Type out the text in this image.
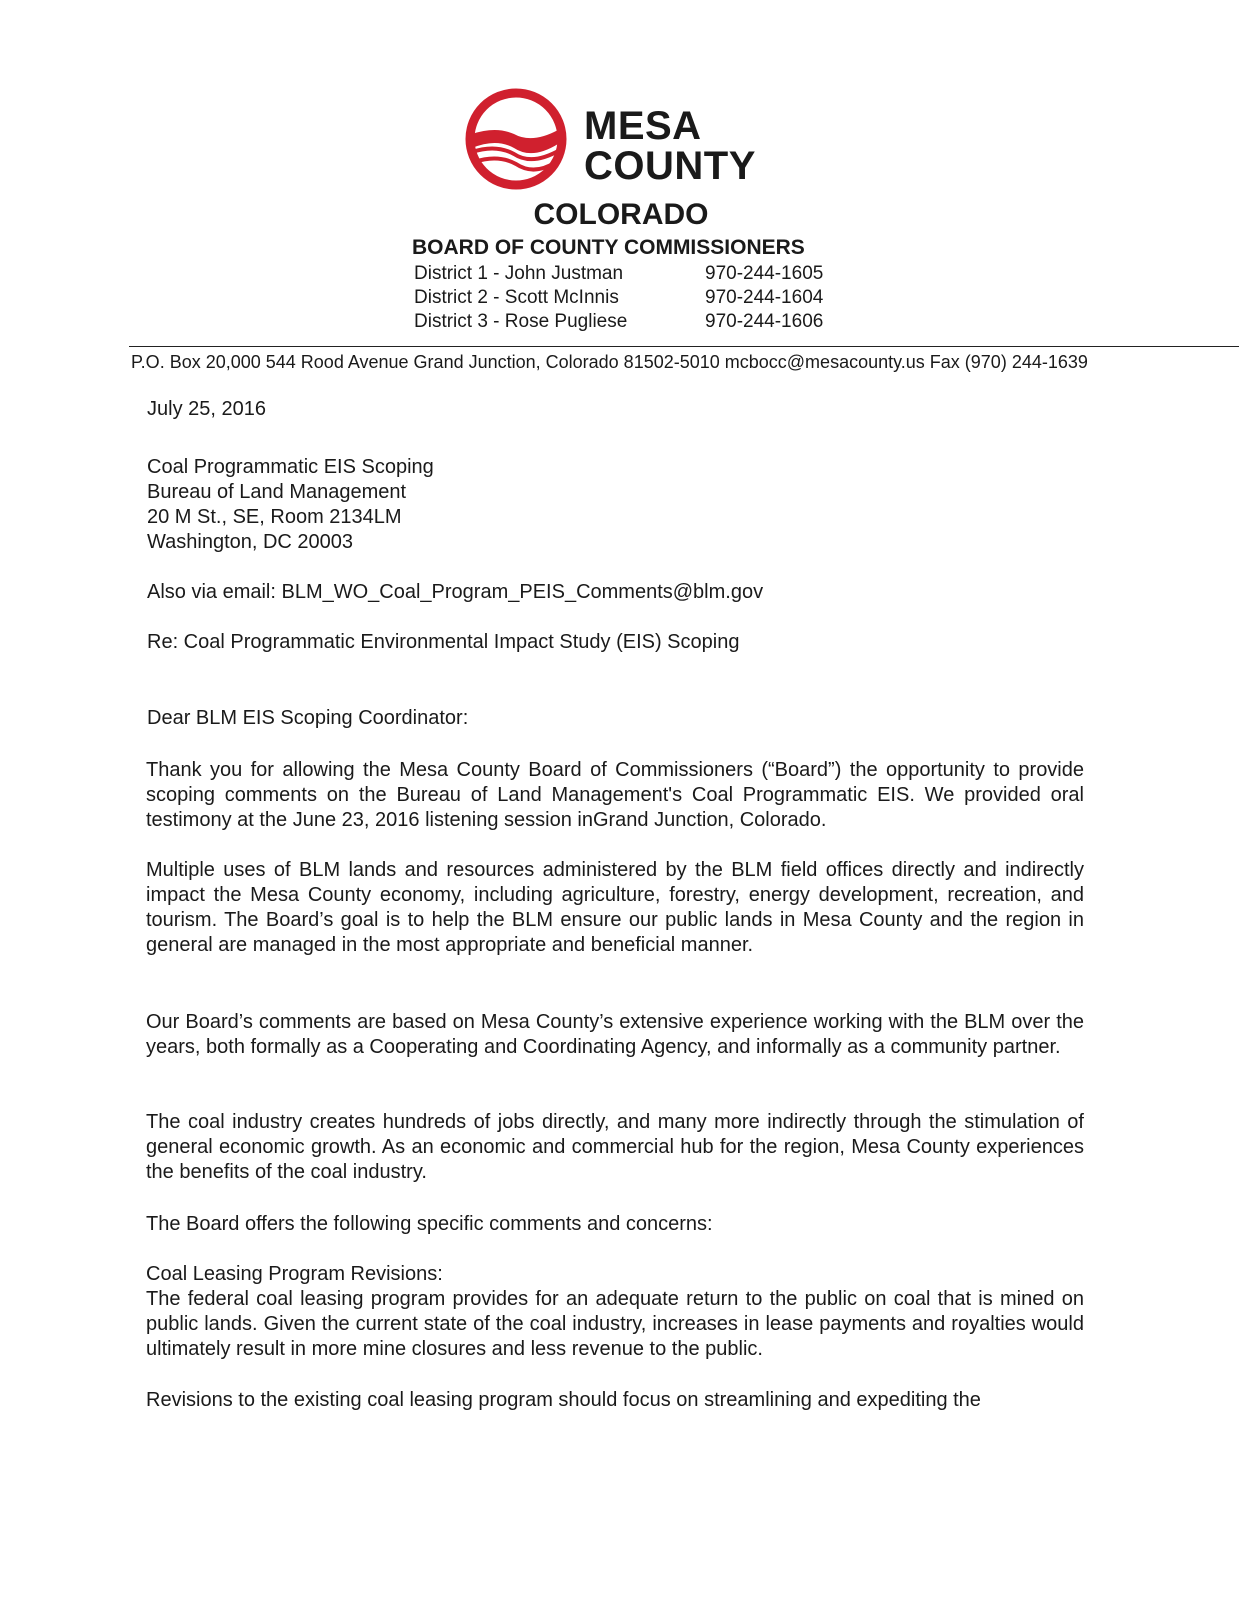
MESA
COUNTY
COLORADO
BOARD OF COUNTY COMMISSIONERS
District 1 - John Justman	970-244-1605
District 2 - Scott McInnis	970-244-1604
District 3 - Rose Pugliese	970-244-1606
P.O. Box 20,000 544 Rood Avenue Grand Junction, Colorado 81502-5010 mcbocc@mesacounty.us Fax (970) 244-1639
July 25, 2016
Coal Programmatic EIS Scoping
Bureau of Land Management
20 M St., SE, Room 2134LM
Washington, DC 20003
Also via email: BLM_WO_Coal_Program_PEIS_Comments@blm.gov
Re: Coal Programmatic Environmental Impact Study (EIS) Scoping
Dear BLM EIS Scoping Coordinator:
Thank you for allowing the Mesa County Board of Commissioners (“Board”) the opportunity to provide scoping comments on the Bureau of Land Management's Coal Programmatic EIS. We provided oral testimony at the June 23, 2016 listening session inGrand Junction, Colorado.
Multiple uses of BLM lands and resources administered by the BLM field offices directly and indirectly impact the Mesa County economy, including agriculture, forestry, energy development, recreation, and tourism. The Board’s goal is to help the BLM ensure our public lands in Mesa County and the region in general are managed in the most appropriate and beneficial manner.
Our Board’s comments are based on Mesa County’s extensive experience working with the BLM over the years, both formally as a Cooperating and Coordinating Agency, and informally as a community partner.
The coal industry creates hundreds of jobs directly, and many more indirectly through the stimulation of general economic growth. As an economic and commercial hub for the region, Mesa County experiences the benefits of the coal industry.
The Board offers the following specific comments and concerns:
Coal Leasing Program Revisions:
The federal coal leasing program provides for an adequate return to the public on coal that is mined on public lands. Given the current state of the coal industry, increases in lease payments and royalties would ultimately result in more mine closures and less revenue to the public.
Revisions to the existing coal leasing program should focus on streamlining and expediting the
